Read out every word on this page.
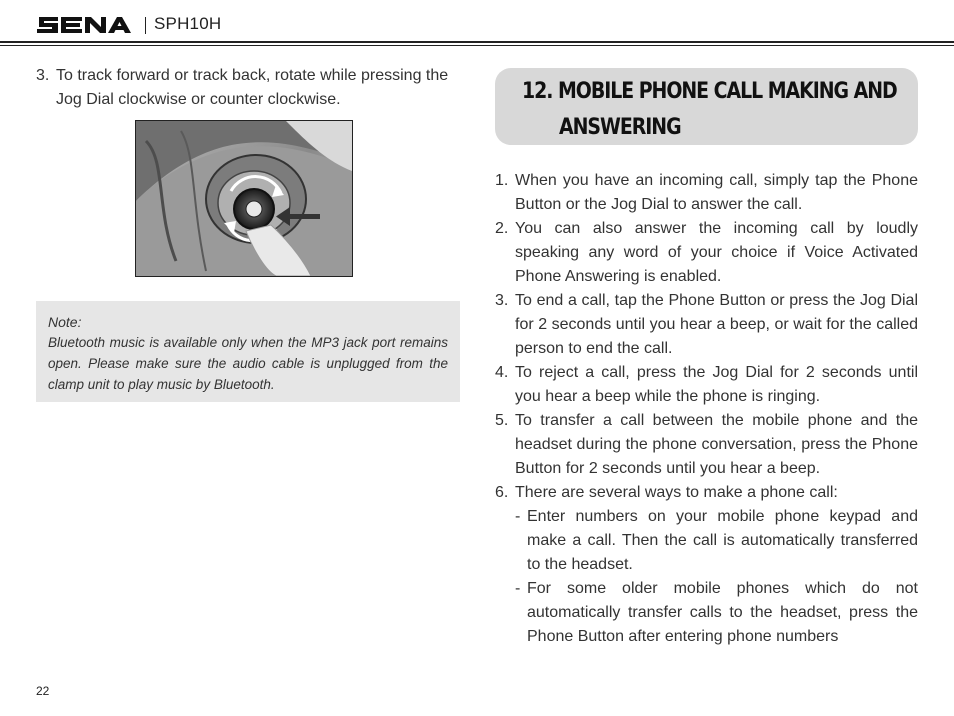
SPH10H
3. To track forward or track back, rotate while pressing the Jog Dial clockwise or counter clockwise.
Note:
Bluetooth music is available only when the MP3 jack port remains open. Please make sure the audio cable is unplugged from the clamp unit to play music by Bluetooth.
12. MOBILE PHONE CALL MAKING AND
ANSWERING
1. When you have an incoming call, simply tap the Phone Button or the Jog Dial to answer the call.
2. You can also answer the incoming call by loudly speaking any word of your choice if Voice Activated Phone Answering is enabled.
3. To end a call, tap the Phone Button or press the Jog Dial for 2 seconds until you hear a beep, or wait for the called person to end the call.
4. To reject a call, press the Jog Dial for 2 seconds until you hear a beep while the phone is ringing.
5. To transfer a call between the mobile phone and the headset during the phone conversation, press the Phone Button for 2 seconds until you hear a beep.
6. There are several ways to make a phone call:
- Enter numbers on your mobile phone keypad and make a call. Then the call is automatically transferred to the headset.
- For some older mobile phones which do not automatically transfer calls to the headset, press the Phone Button after entering phone numbers
22
